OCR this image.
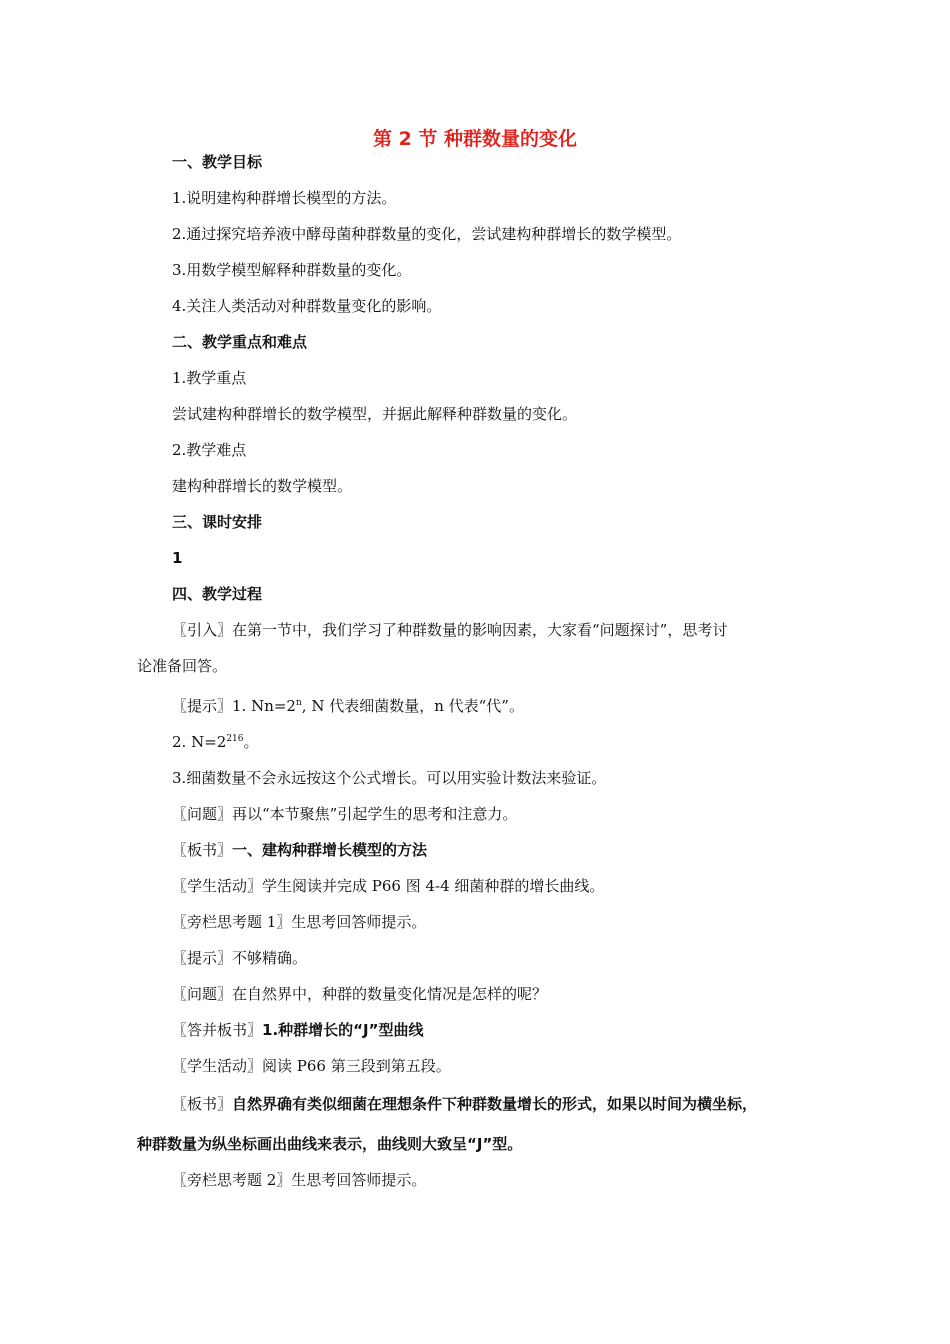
第 2 节 种群数量的变化

一、教学目标

1.说明建构种群增长模型的方法。

2.通过探究培养液中酵母菌种群数量的变化，尝试建构种群增长的数学模型。

3.用数学模型解释种群数量的变化。

4.关注人类活动对种群数量变化的影响。

二、教学重点和难点

1.教学重点

尝试建构种群增长的数学模型，并据此解释种群数量的变化。

2.教学难点

建构种群增长的数学模型。

三、课时安排

1

四、教学过程

〖引入〗在第一节中，我们学习了种群数量的影响因素，大家看“问题探讨”，思考讨

论准备回答。

〖提示〗1. $Nn=2^n$, N 代表细菌数量，n 代表“代”。

2. $N=2^{216}$。

3.细菌数量不会永远按这个公式增长。可以用实验计数法来验证。

〖问题〗再以“本节聚焦”引起学生的思考和注意力。

〖板书〗一、建构种群增长模型的方法

〖学生活动〗学生阅读并完成 P66 图 4-4 细菌种群的增长曲线。

〖旁栏思考题 1〗生思考回答师提示。

〖提示〗不够精确。

〖问题〗在自然界中，种群的数量变化情况是怎样的呢？

〖答并板书〗1.种群增长的“J”型曲线

〖学生活动〗阅读 P66 第三段到第五段。

〖板书〗自然界确有类似细菌在理想条件下种群数量增长的形式，如果以时间为横坐标，

种群数量为纵坐标画出曲线来表示，曲线则大致呈“J”型。

〖旁栏思考题 2〗生思考回答师提示。
